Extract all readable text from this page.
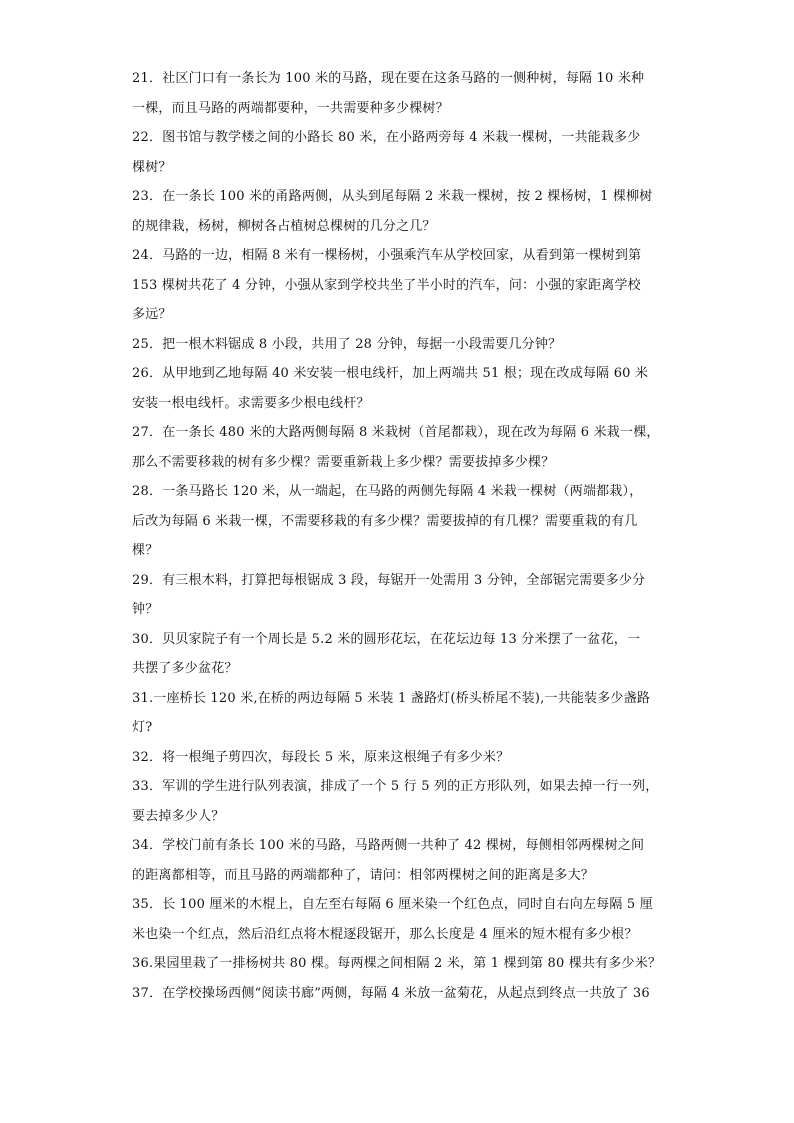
21．社区门口有一条长为 100 米的马路，现在要在这条马路的一侧种树，每隔 10 米种
一棵，而且马路的两端都要种，一共需要种多少棵树？
22．图书馆与教学楼之间的小路长 80 米，在小路两旁每 4 米栽一棵树，一共能栽多少
棵树？
23．在一条长 100 米的甬路两侧，从头到尾每隔 2 米栽一棵树，按 2 棵杨树，1 棵柳树
的规律栽，杨树，柳树各占植树总棵树的几分之几？
24．马路的一边，相隔 8 米有一棵杨树，小强乘汽车从学校回家，从看到第一棵树到第
153 棵树共花了 4 分钟，小强从家到学校共坐了半小时的汽车，问：小强的家距离学校
多远？
25．把一根木料锯成 8 小段，共用了 28 分钟，每据一小段需要几分钟？
26．从甲地到乙地每隔 40 米安装一根电线杆，加上两端共 51 根；现在改成每隔 60 米
安装一根电线杆。求需要多少根电线杆？
27．在一条长 480 米的大路两侧每隔 8 米栽树（首尾都栽），现在改为每隔 6 米栽一棵，
那么不需要移栽的树有多少棵？需要重新栽上多少棵？需要拔掉多少棵？
28．一条马路长 120 米，从一端起，在马路的两侧先每隔 4 米栽一棵树（两端都栽），
后改为每隔 6 米栽一棵，不需要移栽的有多少棵？需要拔掉的有几棵？需要重栽的有几
棵？
29．有三根木料，打算把每根锯成 3 段，每锯开一处需用 3 分钟，全部锯完需要多少分
钟？
30．贝贝家院子有一个周长是 5.2 米的圆形花坛，在花坛边每 13 分米摆了一盆花，一
共摆了多少盆花？
31.一座桥长 120 米,在桥的两边每隔 5 米装 1 盏路灯(桥头桥尾不装),一共能装多少盏路
灯?
32．将一根绳子剪四次，每段长 5 米，原来这根绳子有多少米？
33．军训的学生进行队列表演，排成了一个 5 行 5 列的正方形队列，如果去掉一行一列，
要去掉多少人？
34．学校门前有条长 100 米的马路，马路两侧一共种了 42 棵树，每侧相邻两棵树之间
的距离都相等，而且马路的两端都种了，请问：相邻两棵树之间的距离是多大？
35．长 100 厘米的木棍上，自左至右每隔 6 厘米染一个红色点，同时自右向左每隔 5 厘
米也染一个红点，然后沿红点将木棍逐段锯开，那么长度是 4 厘米的短木棍有多少根？
36.果园里栽了一排杨树共 80 棵。每两棵之间相隔 2 米，第 1 棵到第 80 棵共有多少米？
37．在学校操场西侧“阅读书廊”两侧，每隔 4 米放一盆菊花，从起点到终点一共放了 36
